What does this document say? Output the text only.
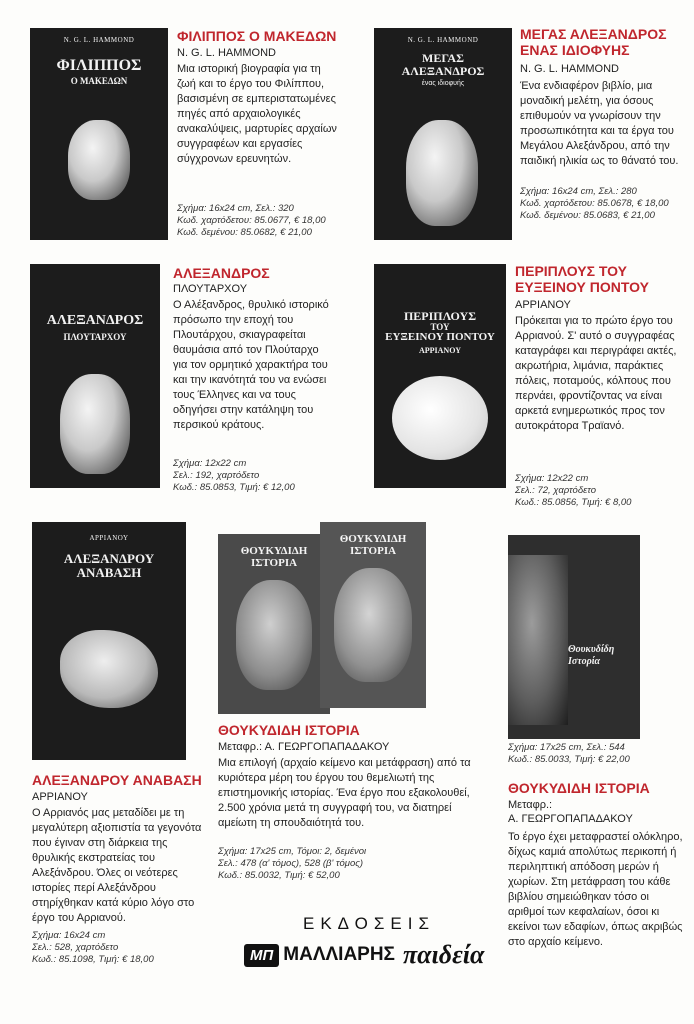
N. G. L. HAMMOND
ΦΙΛΙΠΠΟΣ
Ο ΜΑΚΕΔΩΝ
ΦΙΛΙΠΠΟΣ Ο ΜΑΚΕΔΩΝ
N. G. L. HAMMOND
Μια ιστορική βιογραφία για τη ζωή και το έργο του Φιλίππου, βασισμένη σε εμπεριστατωμένες πηγές από αρχαιολογικές ανακαλύψεις, μαρτυρίες αρχαίων συγγραφέων και εργασίες σύγχρονων ερευνητών.
Σχήμα: 16x24 cm, Σελ.: 320
Κωδ. χαρτόδετου: 85.0677, € 18,00
Κωδ. δεμένου: 85.0682, € 21,00
N. G. L. HAMMOND
ΜΕΓΑΣ
ΑΛΕΞΑΝΔΡΟΣ
ένας ιδιοφυής
ΜΕΓΑΣ ΑΛΕΞΑΝΔΡΟΣ
ΕΝΑΣ ΙΔΙΟΦΥΗΣ
N. G. L. HAMMOND
Ένα ενδιαφέρον βιβλίο, μια μοναδική μελέτη, για όσους επιθυμούν να γνωρίσουν την προσωπικότητα και τα έργα του Μεγάλου Αλεξάνδρου, από την παιδική ηλικία ως το θάνατό του.
Σχήμα: 16x24 cm, Σελ.: 280
Κωδ. χαρτόδετου: 85.0678, € 18,00
Κωδ. δεμένου: 85.0683, € 21,00
ΑΛΕΞΑΝΔΡΟΣ
ΠΛΟΥΤΑΡΧΟΥ
ΑΛΕΞΑΝΔΡΟΣ
ΠΛΟΥΤΑΡΧΟΥ
Ο Αλέξανδρος, θρυλικό ιστορικό πρόσωπο την εποχή του Πλουτάρχου, σκιαγραφείται θαυμάσια από τον Πλούταρχο για τον ορμητικό χαρακτήρα του και την ικανότητά του να ενώσει τους Έλληνες και να τους οδηγήσει στην κατάληψη του περσικού κράτους.
Σχήμα: 12x22 cm
Σελ.: 192, χαρτόδετο
Κωδ.: 85.0853, Τιμή: € 12,00
ΠΕΡΙΠΛΟΥΣ
ΤΟΥ
ΕΥΞΕΙΝΟΥ ΠΟΝΤΟΥ
ΑΡΡΙΑΝΟΥ
ΠΕΡΙΠΛΟΥΣ ΤΟΥ
ΕΥΞΕΙΝΟΥ ΠΟΝΤΟΥ
ΑΡΡΙΑΝΟΥ
Πρόκειται για το πρώτο έργο του Αρριανού. Σ' αυτό ο συγγραφέας καταγράφει και περιγράφει ακτές, ακρωτήρια, λιμάνια, παράκτιες πόλεις, ποταμούς, κόλπους που περνάει, φροντίζοντας να είναι αρκετά ενημερωτικός προς τον αυτοκράτορα Τραϊανό.
Σχήμα: 12x22 cm
Σελ.: 72, χαρτόδετο
Κωδ.: 85.0856, Τιμή: € 8,00
ΑΡΡΙΑΝΟΥ
ΑΛΕΞΑΝΔΡΟΥ
ΑΝΑΒΑΣΗ
ΑΛΕΞΑΝΔΡΟΥ ΑΝΑΒΑΣΗ
ΑΡΡΙΑΝΟΥ
Ο Αρριανός μας μεταδίδει με τη μεγαλύτερη αξιοπιστία τα γεγονότα που έγιναν στη διάρκεια της θρυλικής εκστρατείας του Αλεξάνδρου. Όλες οι νεότερες ιστορίες περί Αλεξάνδρου στηρίχθηκαν κατά κύριο λόγο στο έργο του Αρριανού.
Σχήμα: 16x24 cm
Σελ.: 528, χαρτόδετο
Κωδ.: 85.1098, Τιμή: € 18,00
ΘΟΥΚΥΔΙΔΗ
ΙΣΤΟΡΙΑ
ΘΟΥΚΥΔΙΔΗ
ΙΣΤΟΡΙΑ
ΘΟΥΚΥΔΙΔΗ ΙΣΤΟΡΙΑ
Μεταφρ.: Α. ΓΕΩΡΓΟΠΑΠΑΔΑΚΟΥ
Μια επιλογή (αρχαίο κείμενο και μετάφραση) από τα κυριότερα μέρη του έργου του θεμελιωτή της επιστημονικής ιστορίας. Ένα έργο που εξακολουθεί, 2.500 χρόνια μετά τη συγγραφή του, να διατηρεί αμείωτη τη σπουδαιότητά του.
Σχήμα: 17x25 cm, Τόμοι: 2, δεμένοι
Σελ.: 478 (α' τόμος), 528 (β' τόμος)
Κωδ.: 85.0032, Τιμή: € 52,00
Θουκυδίδη
Ιστορία
Σχήμα: 17x25 cm, Σελ.: 544
Κωδ.: 85.0033, Τιμή: € 22,00
ΘΟΥΚΥΔΙΔΗ ΙΣΤΟΡΙΑ
Μεταφρ.:
Α. ΓΕΩΡΓΟΠΑΠΑΔΑΚΟΥ
Το έργο έχει μεταφραστεί ολόκληρο, δίχως καμιά απολύτως περικοπή ή περιληπτική απόδοση μερών ή χωρίων. Στη μετάφραση του κάθε βιβλίου σημειώθηκαν τόσο οι αριθμοί των κεφαλαίων, όσοι κι εκείνοι των εδαφίων, όπως ακριβώς στο αρχαίο κείμενο.
ΕΚΔΟΣΕΙΣ
ΜΠ ΜΑΛΛΙΑΡΗΣ παιδεία
